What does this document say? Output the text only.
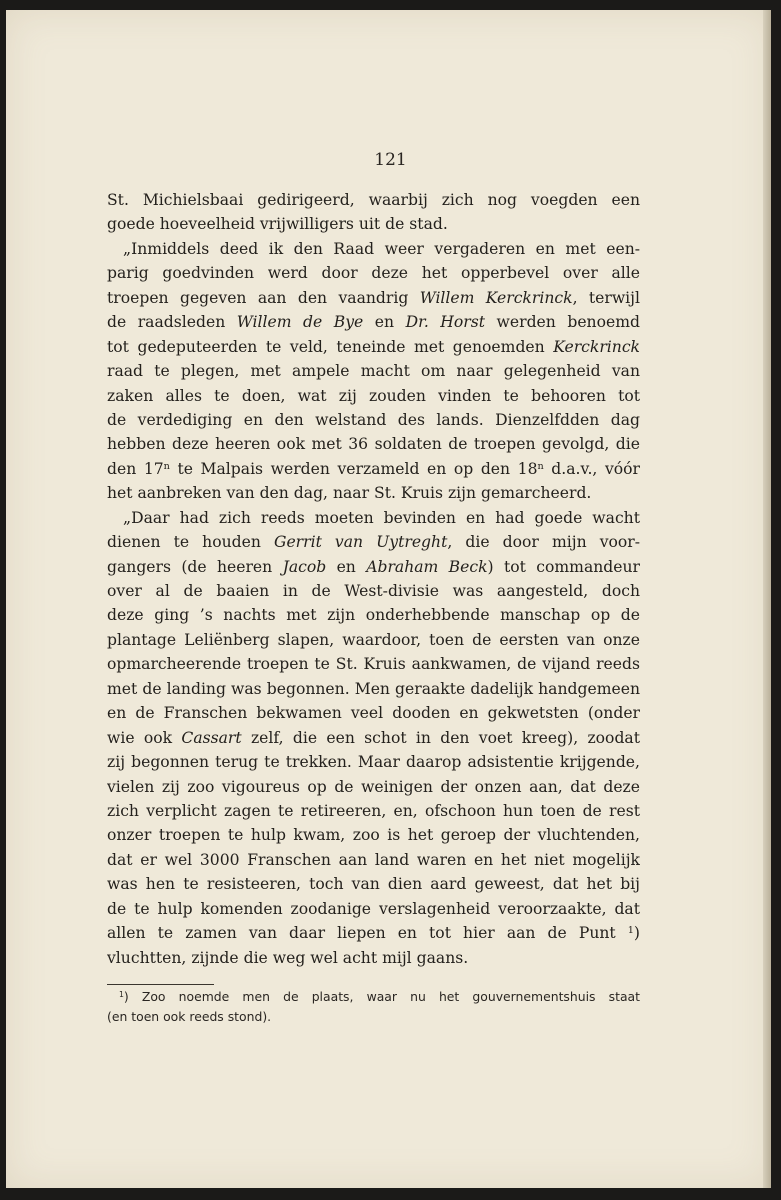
121
St. Michielsbaai gedirigeerd, waarbij zich nog voegden een
goede hoeveelheid vrijwilligers uit de stad.
„Inmiddels deed ik den Raad weer vergaderen en met een-
parig goedvinden werd door deze het opperbevel over alle
troepen gegeven aan den vaandrig Willem Kerckrinck, terwijl
de raadsleden Willem de Bye en Dr. Horst werden benoemd
tot gedeputeerden te veld, teneinde met genoemden Kerckrinck
raad te plegen, met ampele macht om naar gelegenheid van
zaken alles te doen, wat zij zouden vinden te behooren tot
de verdediging en den welstand des lands. Dienzelfdden dag
hebben deze heeren ook met 36 soldaten de troepen gevolgd, die
den 17$^n$ te Malpais werden verzameld en op den 18$^n$ d.a.v., vóór
het aanbreken van den dag, naar St. Kruis zijn gemarcheerd.
„Daar had zich reeds moeten bevinden en had goede wacht
dienen te houden Gerrit van Uytreght, die door mijn voor-
gangers (de heeren Jacob en Abraham Beck) tot commandeur
over al de baaien in de West-divisie was aangesteld, doch
deze ging ’s nachts met zijn onderhebbende manschap op de
plantage Leliënberg slapen, waardoor, toen de eersten van onze
opmarcheerende troepen te St. Kruis aankwamen, de vijand reeds
met de landing was begonnen. Men geraakte dadelijk handgemeen
en de Franschen bekwamen veel dooden en gekwetsten (onder
wie ook Cassart zelf, die een schot in den voet kreeg), zoodat
zij begonnen terug te trekken. Maar daarop adsistentie krijgende,
vielen zij zoo vigoureus op de weinigen der onzen aan, dat deze
zich verplicht zagen te retireeren, en, ofschoon hun toen de rest
onzer troepen te hulp kwam, zoo is het geroep der vluchtenden,
dat er wel 3000 Franschen aan land waren en het niet mogelijk
was hen te resisteeren, toch van dien aard geweest, dat het bij
de te hulp komenden zoodanige verslagenheid veroorzaakte, dat
allen te zamen van daar liepen en tot hier aan de Punt $^1$)
vluchtten, zijnde die weg wel acht mijl gaans.
$^1$) Zoo noemde men de plaats, waar nu het gouvernementshuis staat
(en toen ook reeds stond).
